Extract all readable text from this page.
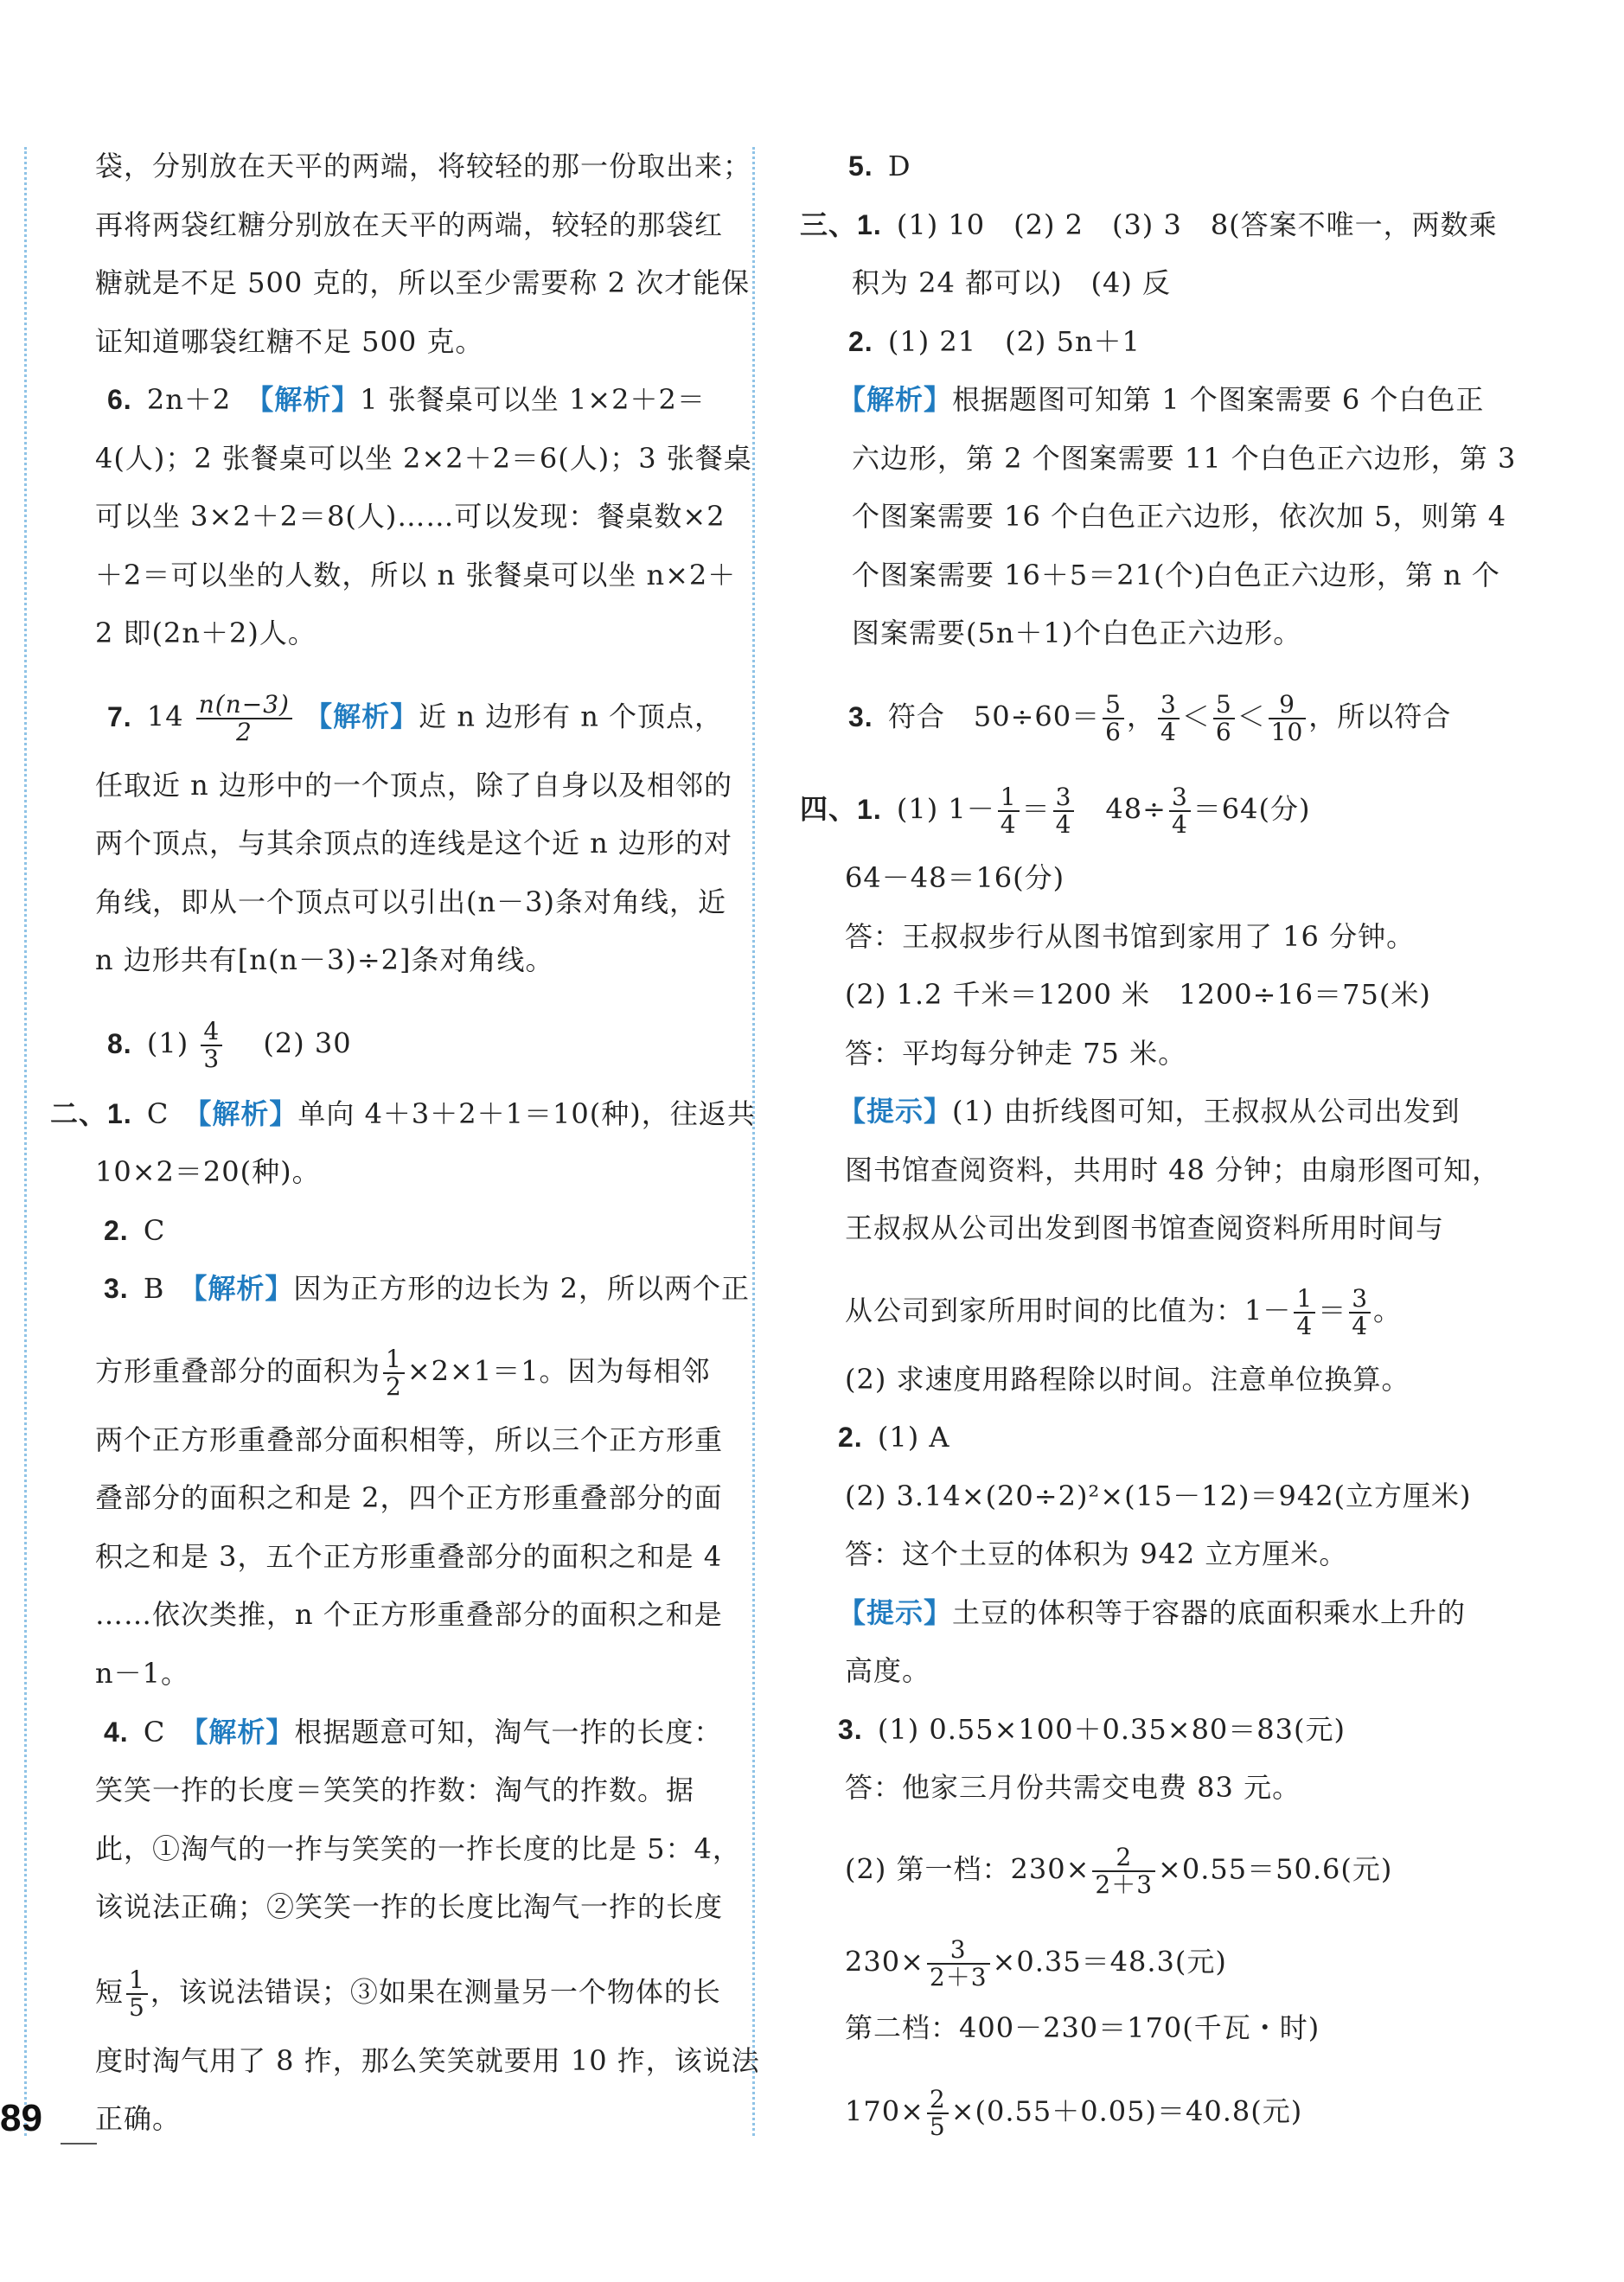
袋，分别放在天平的两端，将较轻的那一份取出来；
再将两袋红糖分别放在天平的两端，较轻的那袋红
糖就是不足 500 克的，所以至少需要称 2 次才能保
证知道哪袋红糖不足 500 克。
6. 2n＋2　 【解析】1 张餐桌可以坐 1×2＋2＝
4(人)；2 张餐桌可以坐 2×2＋2＝6(人)；3 张餐桌
可以坐 3×2＋2＝8(人)……可以发现：餐桌数×2
＋2＝可以坐的人数，所以 n 张餐桌可以坐 n×2＋
2 即(2n＋2)人。
7. $14 \frac{n(n-3)}{2}$ 【解析】近 n 边形有 n 个顶点，
任取近 n 边形中的一个顶点，除了自身以及相邻的
两个顶点，与其余顶点的连线是这个近 n 边形的对
角线，即从一个顶点可以引出(n－3)条对角线，近
n 边形共有[n(n－3)÷2]条对角线。
8. $(1) \frac{4}{3}$
　 (2) 30
二、1. C　 【解析】单向 4＋3＋2＋1＝10(种)，往返共
10×2＝20(种)。
2. C
3. B　 【解析】因为正方形的边长为 2，所以两个正
方形重叠部分的面积为 $\frac{1}{2} \times 2\times 1=1$。因为每相邻
两个正方形重叠部分面积相等，所以三个正方形重
叠部分的面积之和是 2，四个正方形重叠部分的面
积之和是 3，五个正方形重叠部分的面积之和是 4
……依次类推，n 个正方形重叠部分的面积之和是
n－1。
4. C　 【解析】根据题意可知，淘气一拃的长度：
笑笑一拃的长度＝笑笑的拃数：淘气的拃数。据
此，①淘气的一拃与笑笑的一拃长度的比是 5：4，
该说法正确；②笑笑一拃的长度比淘气一拃的长度
短 $\frac{1}{5}$ ，该说法错误；③如果在测量另一个物体的长
度时淘气用了 8 拃，那么笑笑就要用 10 拃，该说法
正确。
5. D
三、1. (1) 10　(2) 2　(3) 3　8(答案不唯一，两数乘
积为 24 都可以)　(4) 反
2. (1) 21　(2) 5n＋1
【解析】根据题图可知第 1 个图案需要 6 个白色正
六边形，第 2 个图案需要 11 个白色正六边形，第 3
个图案需要 16 个白色正六边形，依次加 5，则第 4
个图案需要 16＋5＝21(个)白色正六边形，第 n 个
图案需要(5n＋1)个白色正六边形。
3. 符合　$50\div 60= \frac{5}{6}$ ， $\frac{3}{4} < \frac{5}{6} < \frac{9}{10}$ ，所以符合
四、1. (1) $1- \frac{1}{4} = \frac{3}{4}$ 　$48\div \frac{3}{4} =64$(分)
64－48＝16(分)
答：王叔叔步行从图书馆到家用了 16 分钟。
(2) 1.2 千米＝1200 米　1200÷16＝75(米)
答：平均每分钟走 75 米。
【提示】(1) 由折线图可知，王叔叔从公司出发到
图书馆查阅资料，共用时 48 分钟；由扇形图可知，
王叔叔从公司出发到图书馆查阅资料所用时间与
从公司到家所用时间的比值为：$1- \frac{1}{4} = \frac{3}{4}$ 。
(2) 求速度用路程除以时间。注意单位换算。
2. (1) A
(2) 3.14×(20÷2)²×(15－12)＝942(立方厘米)
答：这个土豆的体积为 942 立方厘米。
【提示】土豆的体积等于容器的底面积乘水上升的
高度。
3. (1) 0.55×100＋0.35×80＝83(元)
答：他家三月份共需交电费 83 元。
(2) 第一档：$230\times \frac{2}{2+3} \times 0.55=50.6$(元)
$230\times \frac{3}{2+3} \times 0.35=48.3$(元)
第二档：400－230＝170(千瓦・时)
$170\times \frac{2}{5} \times(0.55+0.05)=40.8$(元)
89
